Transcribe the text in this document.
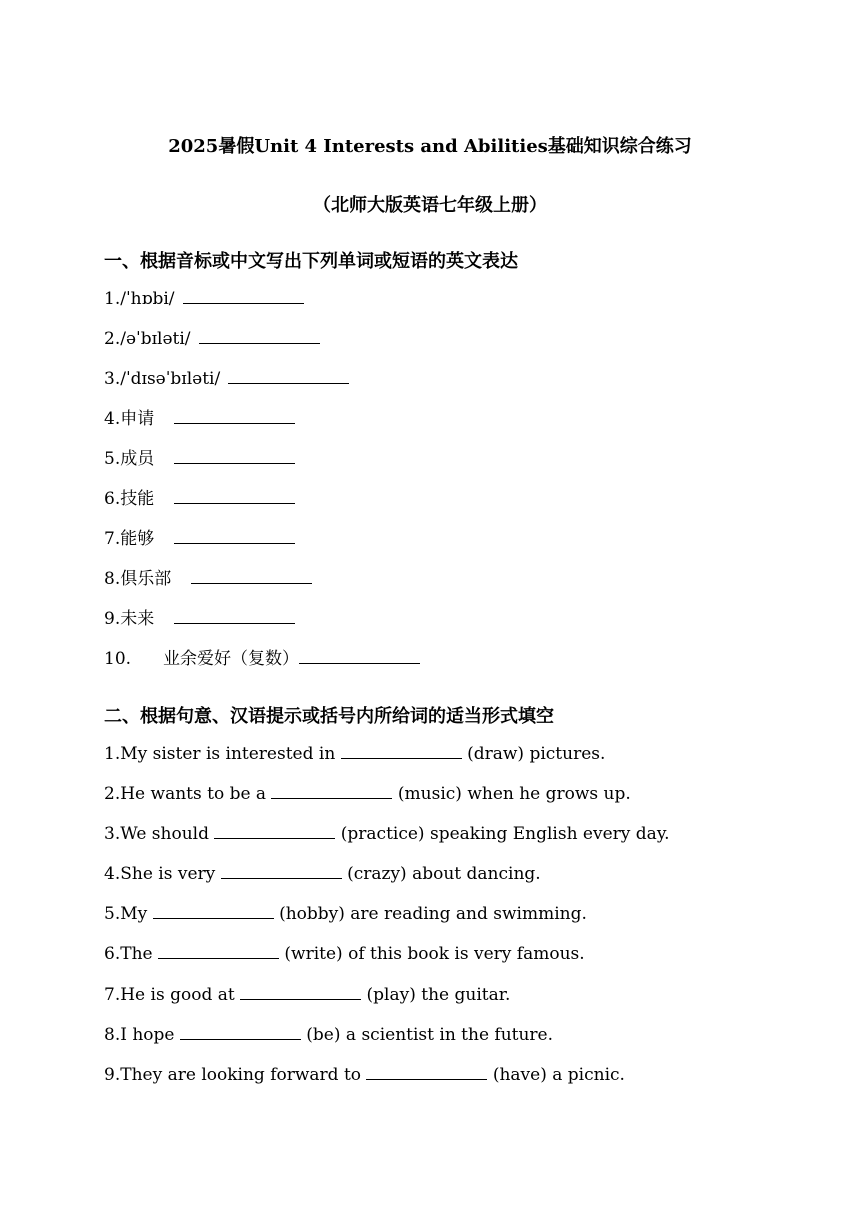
2025暑假Unit 4 Interests and Abilities基础知识综合练习
（北师大版英语七年级上册）
一、根据音标或中文写出下列单词或短语的英文表达
1./ˈhɒbi/
2./əˈbɪləti/
3./ˈdɪsəˈbɪləti/
4.申请
5.成员
6.技能
7.能够
8.俱乐部
9.未来
10. 业余爱好（复数）
二、根据句意、汉语提示或括号内所给词的适当形式填空
1.My sister is interested in	(draw) pictures.
2.He wants to be a	(music) when he grows up.
3.We should	(practice) speaking English every day.
4.She is very	(crazy) about dancing.
5.My	(hobby) are reading and swimming.
6.The	(write) of this book is very famous.
7.He is good at	(play) the guitar.
8.I hope	(be) a scientist in the future.
9.They are looking forward to	(have) a picnic.
